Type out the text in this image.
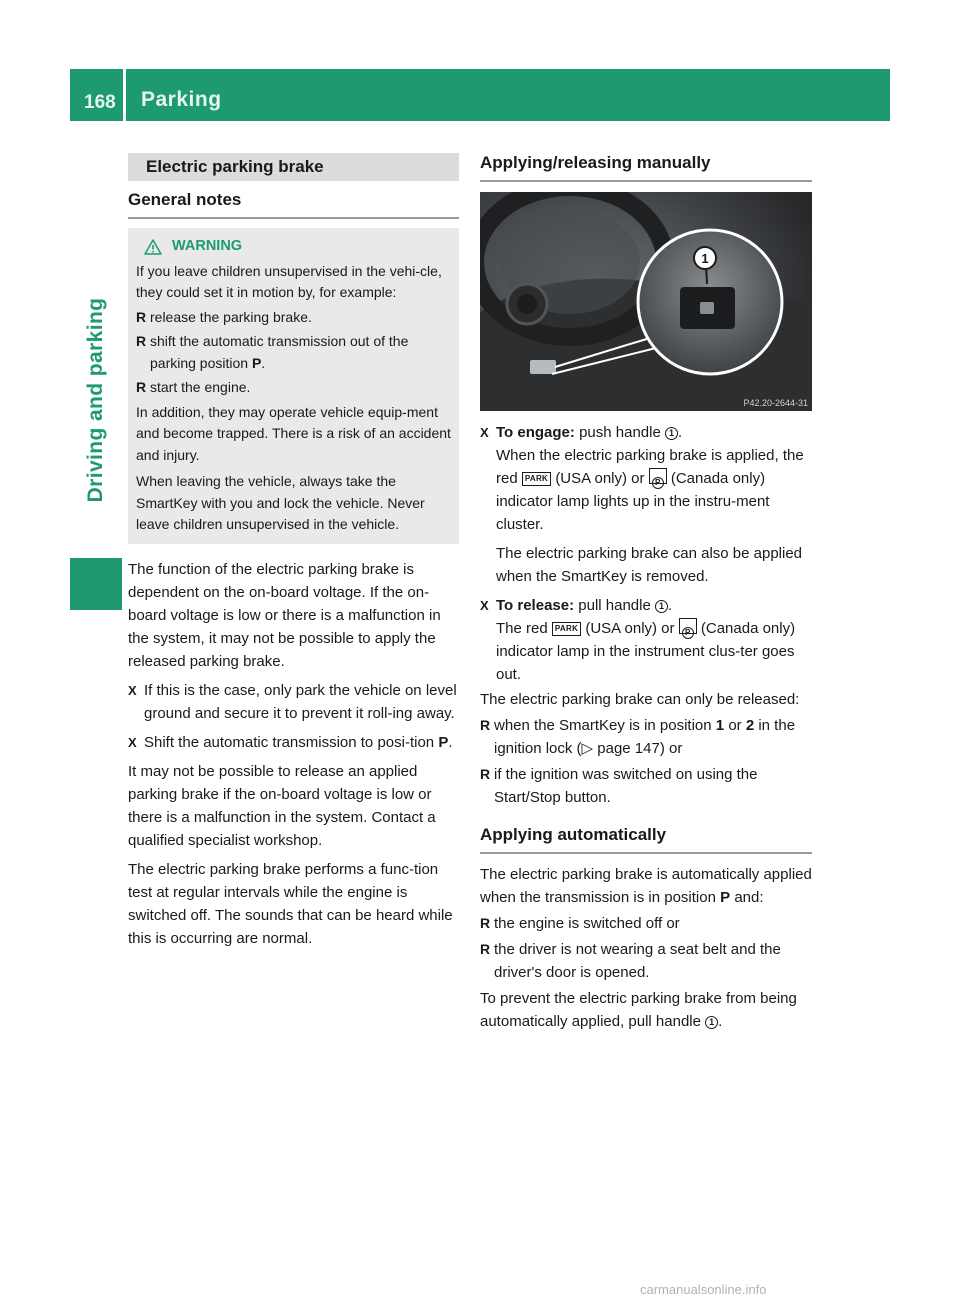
168 Parking
Driving and parking
Electric parking brake
General notes
WARNING

If you leave children unsupervised in the vehi-cle, they could set it in motion by, for example:

R release the parking brake.
R shift the automatic transmission out of the parking position P.
R start the engine.

In addition, they may operate vehicle equip-ment and become trapped. There is a risk of an accident and injury.

When leaving the vehicle, always take the SmartKey with you and lock the vehicle. Never leave children unsupervised in the vehicle.

The function of the electric parking brake is dependent on the on-board voltage. If the on-board voltage is low or there is a malfunction in the system, it may not be possible to apply the released parking brake.

X If this is the case, only park the vehicle on level ground and secure it to prevent it roll-ing away.

X Shift the automatic transmission to posi-tion P.

It may not be possible to release an applied parking brake if the on-board voltage is low or there is a malfunction in the system. Contact a qualified specialist workshop.

The electric parking brake performs a func-tion test at regular intervals while the engine is switched off. The sounds that can be heard while this is occurring are normal.

Applying/releasing manually
1
P42.20-2644-31
X To engage: push handle 1 .

When the electric parking brake is applied, the red PARK (USA only) or P (Canada only) indicator lamp lights up in the instru-ment cluster.

The electric parking brake can also be applied when the SmartKey is removed.

X To release: pull handle 1 .

The red PARK (USA only) or P (Canada only) indicator lamp in the instrument clus-ter goes out.

The electric parking brake can only be released:

R when the SmartKey is in position 1 or 2 in the ignition lock (▷ page 147) or

R if the ignition was switched on using the Start/Stop button.

Applying automatically

The electric parking brake is automatically applied when the transmission is in position P and:

R the engine is switched off or

R the driver is not wearing a seat belt and the driver's door is opened.

To prevent the electric parking brake from being automatically applied, pull handle 1 .

carmanualsonline.info
